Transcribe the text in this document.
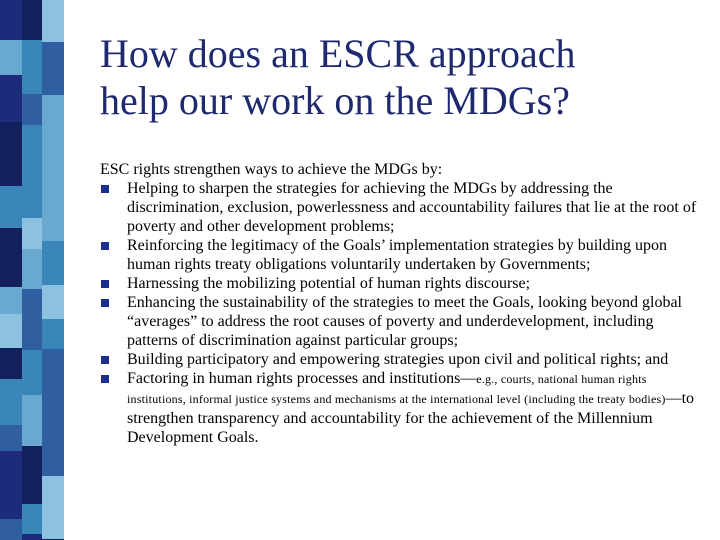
How does an ESCR approach
help our work on the MDGs?

ESC rights strengthen ways to achieve the MDGs by:

Helping to sharpen the strategies for achieving the MDGs by addressing the discrimination, exclusion, powerlessness and accountability failures that lie at the root of poverty and other development problems;
Reinforcing the legitimacy of the Goals’ implementation strategies by building upon human rights treaty obligations voluntarily undertaken by Governments;
Harnessing the mobilizing potential of human rights discourse;
Enhancing the sustainability of the strategies to meet the Goals, looking beyond global “averages” to address the root causes of poverty and underdevelopment, including patterns of discrimination against particular groups;
Building participatory and empowering strategies upon civil and political rights; and
Factoring in human rights processes and institutions—e.g., courts, national human rights institutions, informal justice systems and mechanisms at the international level (including the treaty bodies)—to strengthen transparency and accountability for the achievement of the Millennium Development Goals.
